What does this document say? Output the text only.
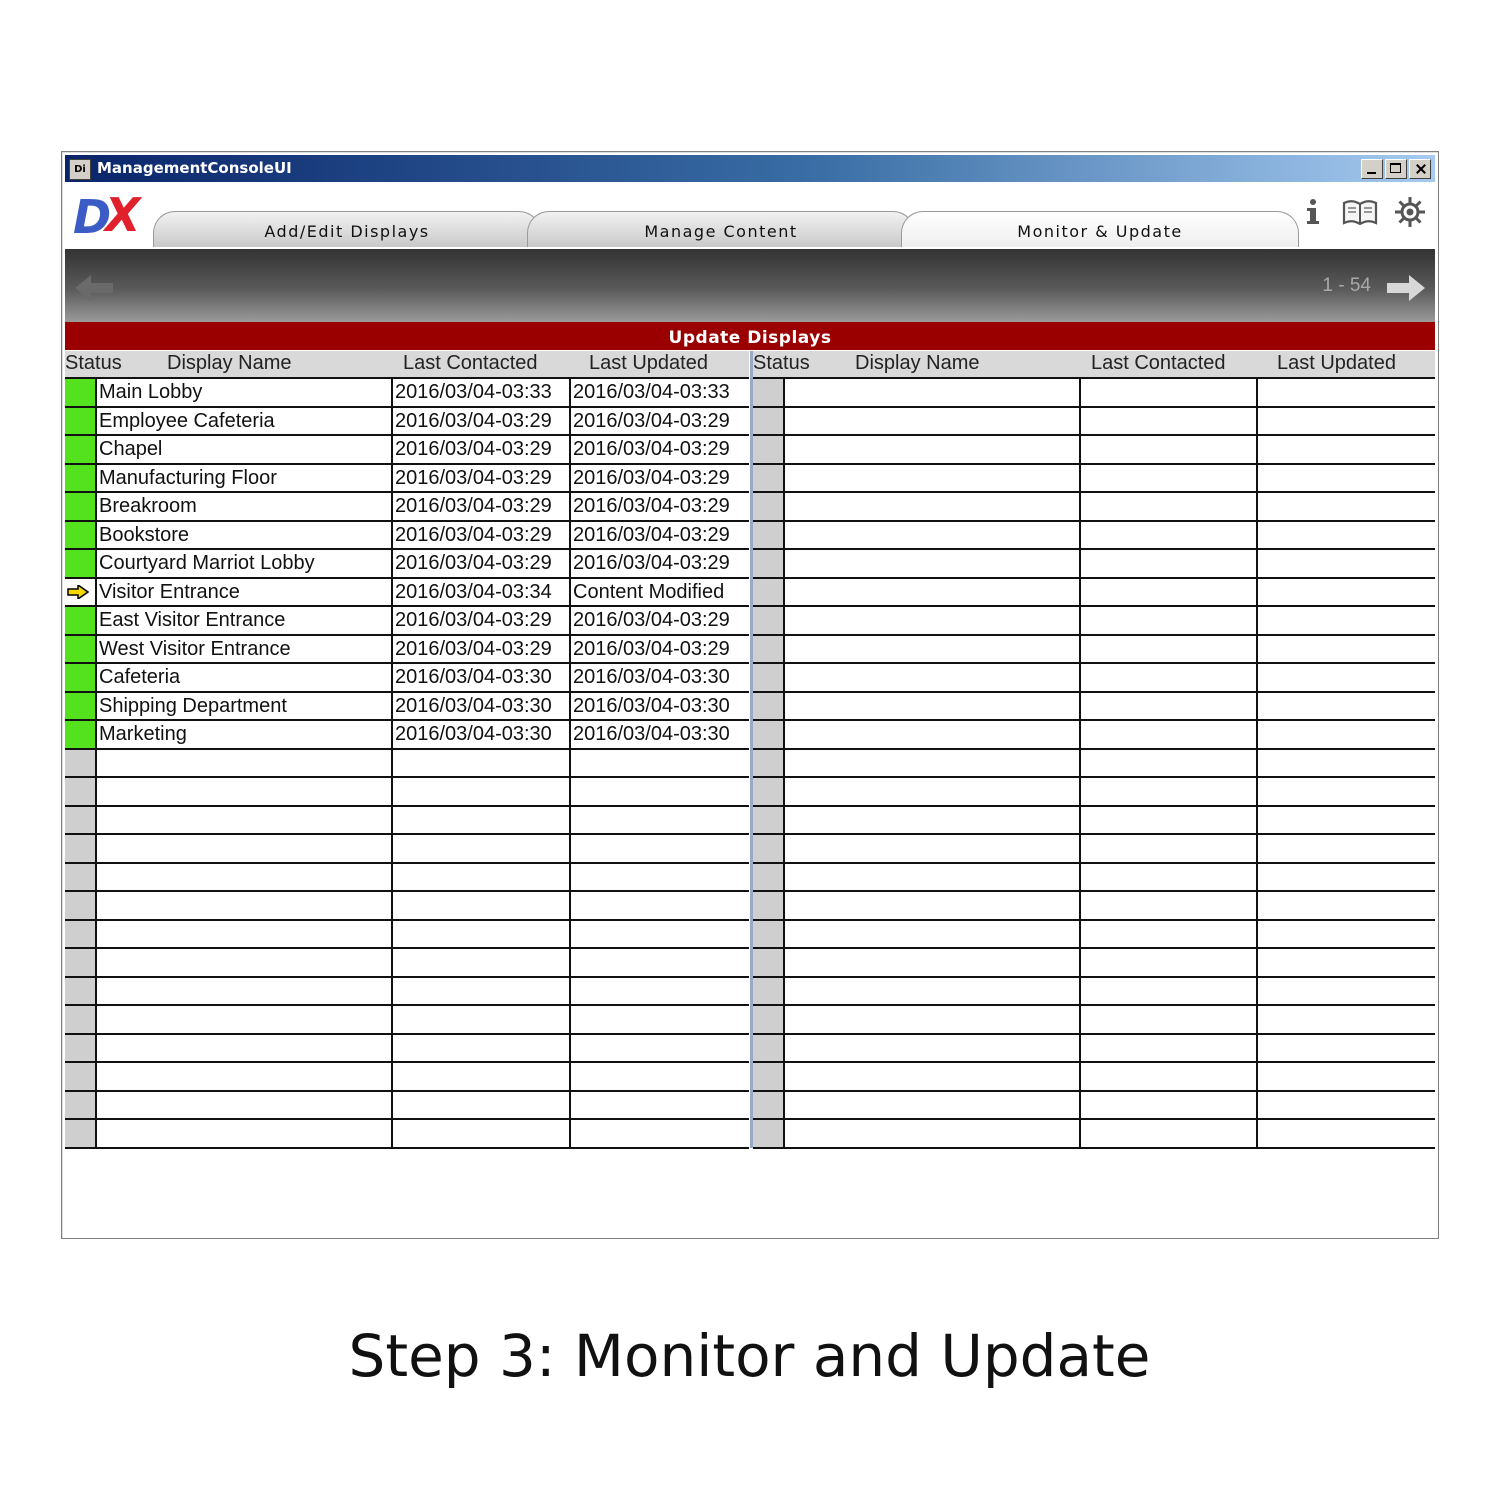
Di ManagementConsoleUI
D
X	Add/Edit Displays	Manage Content	Monitor & Update
1 - 54
Update Displays
Status Display Name	Last Contacted	Last Updated
Main Lobby	2016/03/04-03:33	2016/03/04-03:33
Employee Cafeteria	2016/03/04-03:29	2016/03/04-03:29
Chapel	2016/03/04-03:29	2016/03/04-03:29
Manufacturing Floor	2016/03/04-03:29	2016/03/04-03:29
Breakroom	2016/03/04-03:29	2016/03/04-03:29
Bookstore	2016/03/04-03:29	2016/03/04-03:29
Courtyard Marriot Lobby	2016/03/04-03:29	2016/03/04-03:29
Visitor Entrance	2016/03/04-03:34	Content Modified
East Visitor Entrance	2016/03/04-03:29	2016/03/04-03:29
West Visitor Entrance	2016/03/04-03:29	2016/03/04-03:29
Cafeteria	2016/03/04-03:30	2016/03/04-03:30
Shipping Department	2016/03/04-03:30	2016/03/04-03:30
Marketing	2016/03/04-03:30	2016/03/04-03:30
Status Display Name	Last Contacted	Last Updated
Step 3: Monitor and Update
